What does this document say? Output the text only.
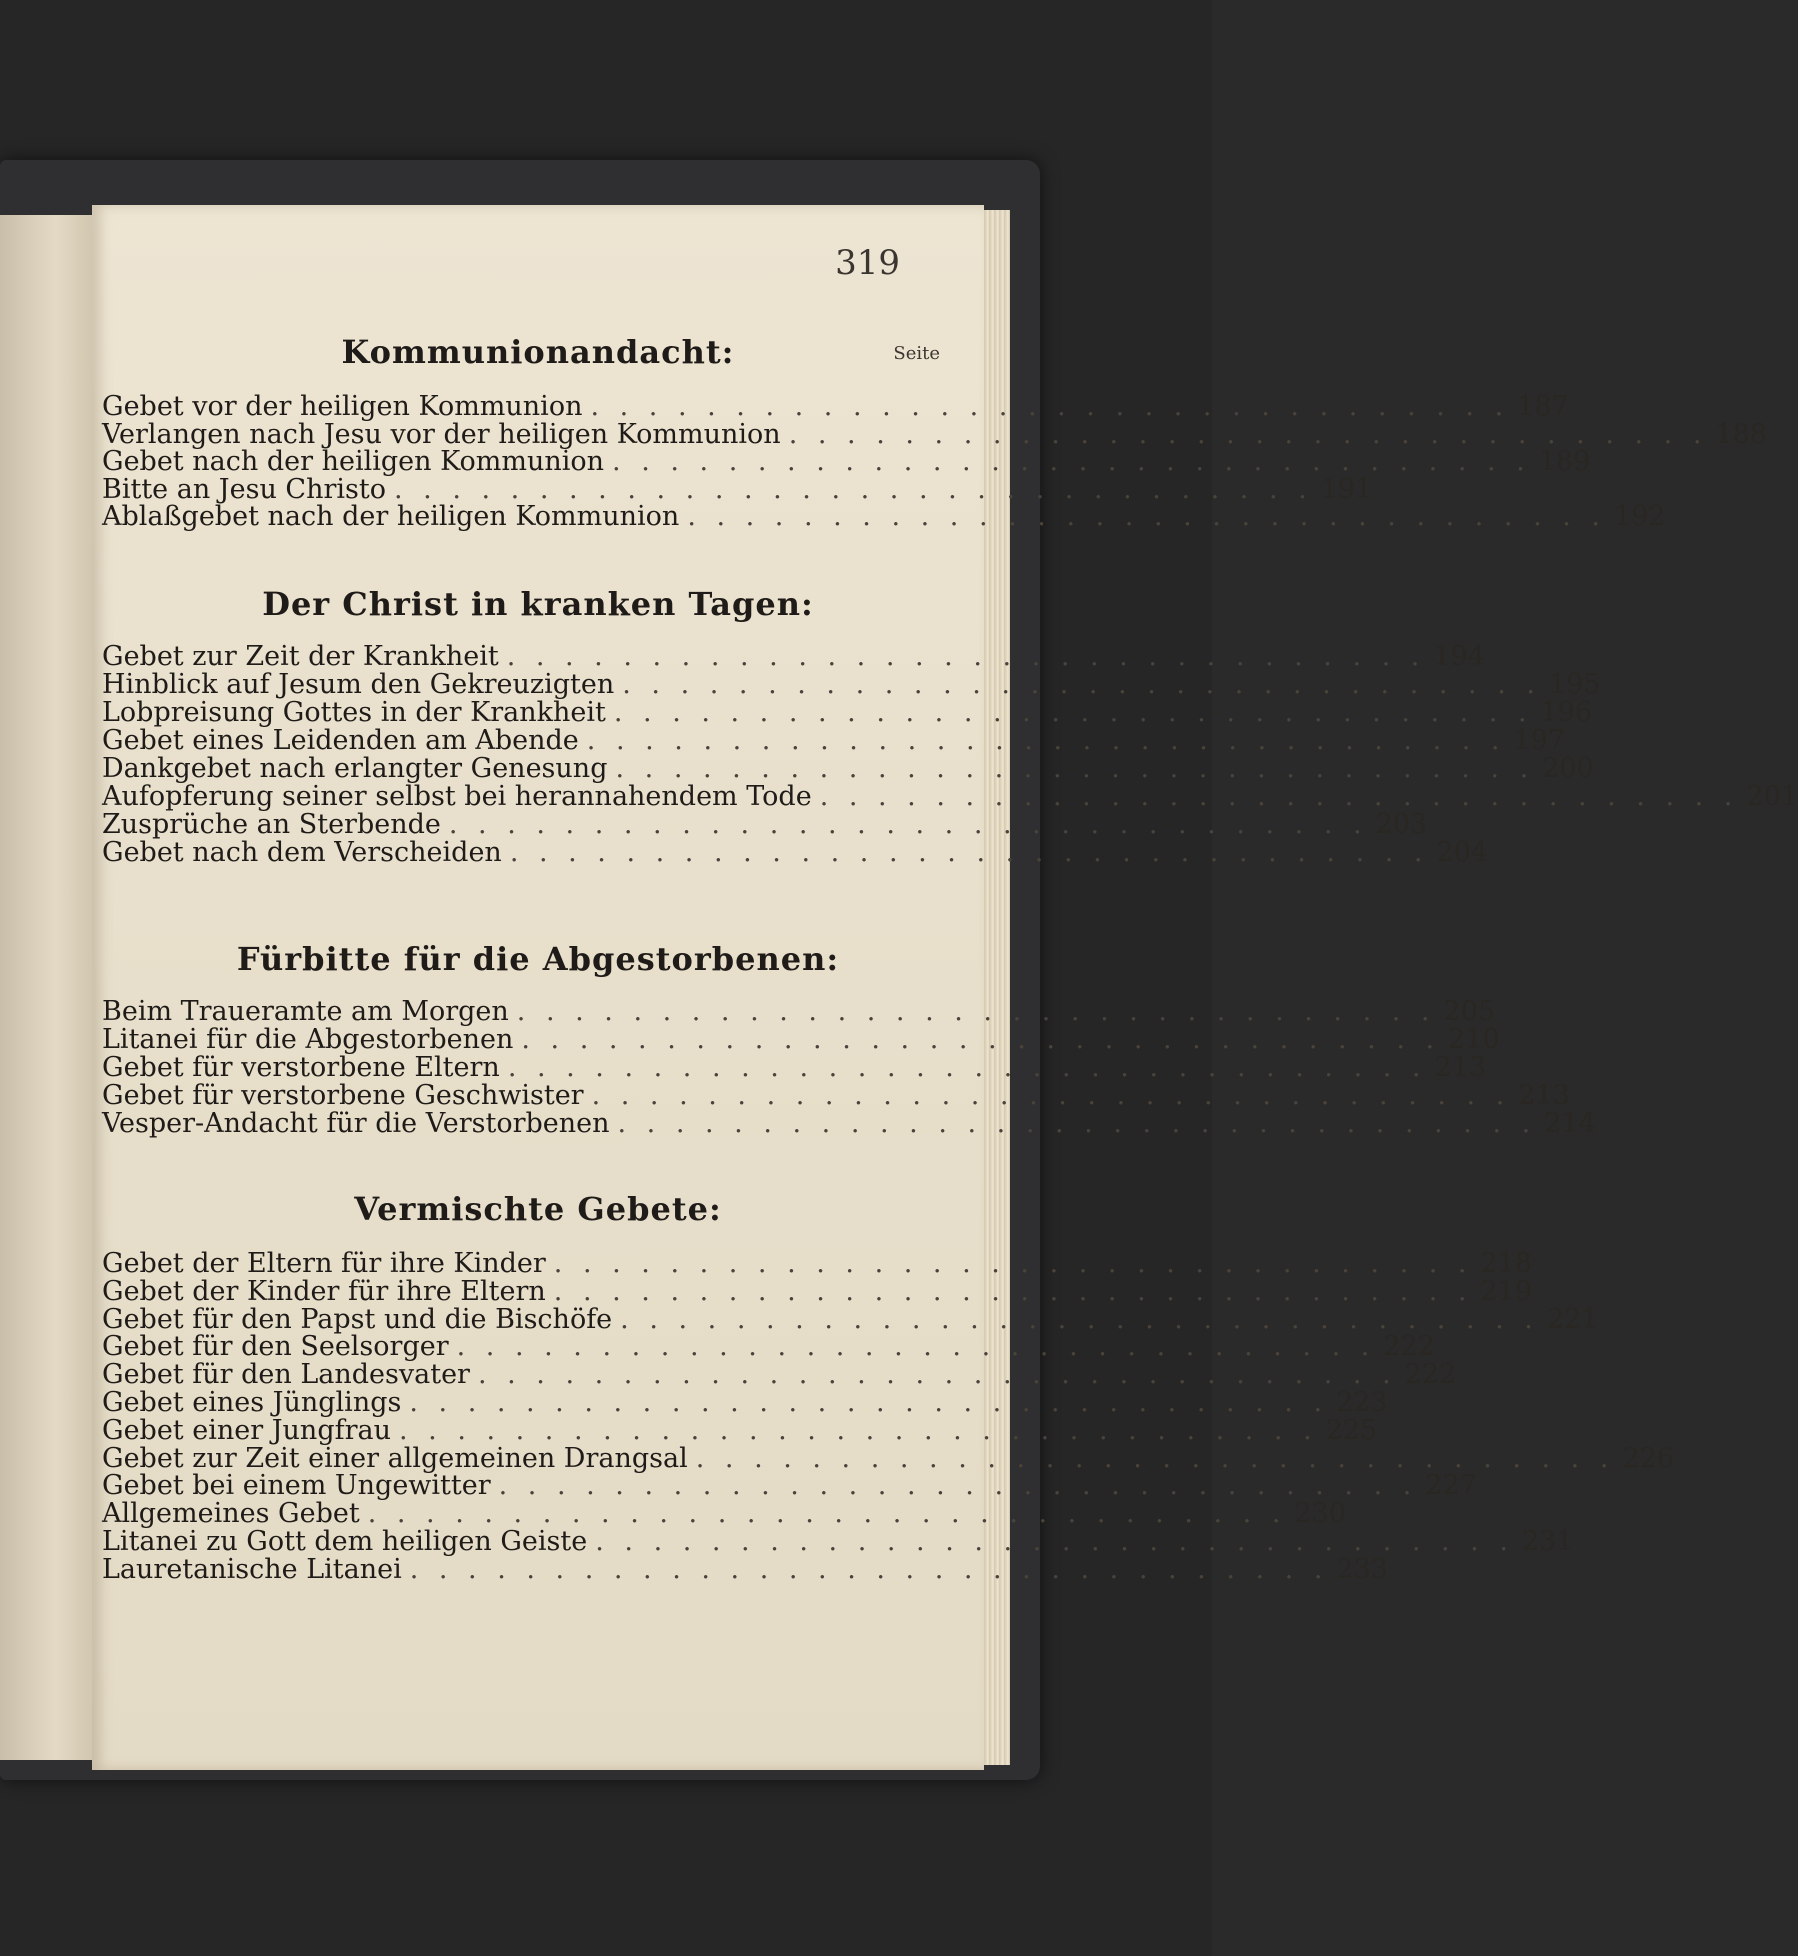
319
Seite
Kommunionandacht:
Gebet vor der heiligen Kommunion . . . . . . . . . . . . . . . . . . . . . . . . . . . . . . . . 187
Verlangen nach Jesu vor der heiligen Kommunion . . . . . . . . . . . . . . . . . . . . . . . . . . . . . . . . 188
Gebet nach der heiligen Kommunion . . . . . . . . . . . . . . . . . . . . . . . . . . . . . . . . 189
Bitte an Jesu Christo . . . . . . . . . . . . . . . . . . . . . . . . . . . . . . . . 191
Ablaßgebet nach der heiligen Kommunion . . . . . . . . . . . . . . . . . . . . . . . . . . . . . . . . 192
Der Christ in kranken Tagen:
Gebet zur Zeit der Krankheit . . . . . . . . . . . . . . . . . . . . . . . . . . . . . . . . 194
Hinblick auf Jesum den Gekreuzigten . . . . . . . . . . . . . . . . . . . . . . . . . . . . . . . . 195
Lobpreisung Gottes in der Krankheit . . . . . . . . . . . . . . . . . . . . . . . . . . . . . . . . 196
Gebet eines Leidenden am Abende . . . . . . . . . . . . . . . . . . . . . . . . . . . . . . . . 197
Dankgebet nach erlangter Genesung . . . . . . . . . . . . . . . . . . . . . . . . . . . . . . . . 200
Aufopferung seiner selbst bei herannahendem Tode . . . . . . . . . . . . . . . . . . . . . . . . . . . . . . . . 201
Zusprüche an Sterbende . . . . . . . . . . . . . . . . . . . . . . . . . . . . . . . . 203
Gebet nach dem Verscheiden . . . . . . . . . . . . . . . . . . . . . . . . . . . . . . . . 204
Fürbitte für die Abgestorbenen:
Beim Traueramte am Morgen . . . . . . . . . . . . . . . . . . . . . . . . . . . . . . . . 205
Litanei für die Abgestorbenen . . . . . . . . . . . . . . . . . . . . . . . . . . . . . . . . 210
Gebet für verstorbene Eltern . . . . . . . . . . . . . . . . . . . . . . . . . . . . . . . . 213
Gebet für verstorbene Geschwister . . . . . . . . . . . . . . . . . . . . . . . . . . . . . . . . 213
Vesper-Andacht für die Verstorbenen . . . . . . . . . . . . . . . . . . . . . . . . . . . . . . . . 214
Vermischte Gebete:
Gebet der Eltern für ihre Kinder . . . . . . . . . . . . . . . . . . . . . . . . . . . . . . . . 218
Gebet der Kinder für ihre Eltern . . . . . . . . . . . . . . . . . . . . . . . . . . . . . . . . 219
Gebet für den Papst und die Bischöfe . . . . . . . . . . . . . . . . . . . . . . . . . . . . . . . . 221
Gebet für den Seelsorger . . . . . . . . . . . . . . . . . . . . . . . . . . . . . . . . 222
Gebet für den Landesvater . . . . . . . . . . . . . . . . . . . . . . . . . . . . . . . . 222
Gebet eines Jünglings . . . . . . . . . . . . . . . . . . . . . . . . . . . . . . . . 223
Gebet einer Jungfrau . . . . . . . . . . . . . . . . . . . . . . . . . . . . . . . . 225
Gebet zur Zeit einer allgemeinen Drangsal . . . . . . . . . . . . . . . . . . . . . . . . . . . . . . . . 226
Gebet bei einem Ungewitter . . . . . . . . . . . . . . . . . . . . . . . . . . . . . . . . 227
Allgemeines Gebet . . . . . . . . . . . . . . . . . . . . . . . . . . . . . . . . 230
Litanei zu Gott dem heiligen Geiste . . . . . . . . . . . . . . . . . . . . . . . . . . . . . . . . 231
Lauretanische Litanei . . . . . . . . . . . . . . . . . . . . . . . . . . . . . . . . 233
